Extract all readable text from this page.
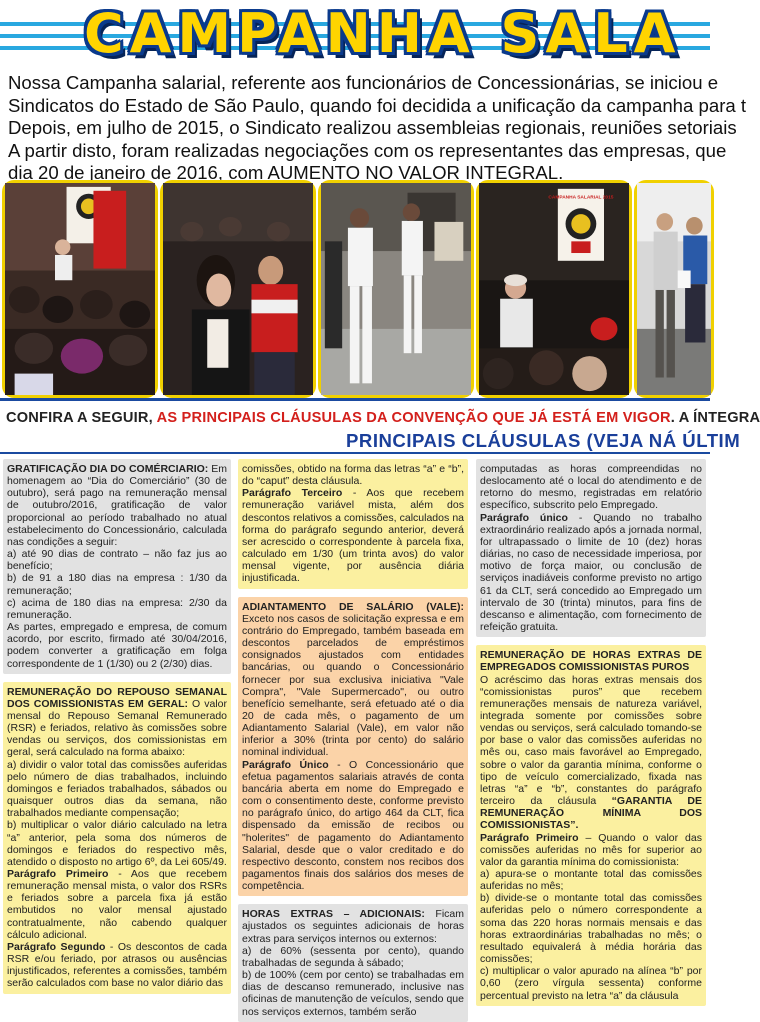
CAMPANHA SALA
Nossa Campanha salarial, referente aos funcionários de Concessionárias, se iniciou e
Sindicatos do Estado de São Paulo, quando foi decidida a unificação da campanha para t
Depois, em julho de 2015, o Sindicato realizou assembleias regionais, reuniões setoriais
A partir disto, foram realizadas negociações com os representantes das empresas, que
dia 20 de janeiro de 2016, com AUMENTO NO VALOR INTEGRAL.
CAMPANHA SALARIAL 2015
CONFIRA A SEGUIR, AS PRINCIPAIS CLÁUSULAS DA CONVENÇÃO QUE JÁ ESTÁ EM VIGOR. A ÍNTEGRA
PRINCIPAIS CLÁUSULAS (VEJA NÁ ÚLTIM

GRATIFICAÇÃO DIA DO COMÉRCIARIO: Em homenagem ao “Dia do Comerciário” (30 de outubro), será pago na remuneração mensal de outubro/2016, gratificação de valor proporcional ao período trabalhado no atual estabelecimento do Concessionário, calculada nas condições a seguir:

a) até 90 dias de contrato – não faz jus ao benefício;

b) de 91 a 180 dias na empresa : 1/30 da remuneração;

c) acima de 180 dias na empresa: 2/30 da remuneração.

As partes, empregado e empresa, de comum acordo, por escrito, firmado até 30/04/2016, podem converter a gratificação em folga correspondente de 1 (1/30) ou 2 (2/30) dias.

REMUNERAÇÃO DO REPOUSO SEMANAL DOS COMISSIONISTAS EM GERAL: O valor mensal do Repouso Semanal Remunerado (RSR) e feriados, relativo às comissões sobre vendas ou serviços, dos comissionistas em geral, será calculado na forma abaixo:

a) dividir o valor total das comissões auferidas pelo número de dias trabalhados, incluindo domingos e feriados trabalhados, sábados ou quaisquer outros dias da semana, não trabalhados mediante compensação;

b) multiplicar o valor diário calculado na letra “a” anterior, pela soma dos números de domingos e feriados do respectivo mês, atendido o disposto no artigo 6º, da Lei 605/49.

Parágrafo Primeiro - Aos que recebem remuneração mensal mista, o valor dos RSRs e feriados sobre a parcela fixa já estão embutidos no valor mensal ajustado contratualmente, não cabendo qualquer cálculo adicional.

Parágrafo Segundo - Os descontos de cada RSR e/ou feriado, por atrasos ou ausências injustificados, referentes a comissões, também serão calculados com base no valor diário das

comissões, obtido na forma das letras “a” e “b”, do “caput” desta cláusula.

Parágrafo Terceiro - Aos que recebem remuneração variável mista, além dos descontos relativos a comissões, calculados na forma do parágrafo segundo anterior, deverá ser acrescido o correspondente à parcela fixa, calculado em 1/30 (um trinta avos) do valor mensal vigente, por ausência diária injustificada.

ADIANTAMENTO DE SALÁRIO (VALE): Exceto nos casos de solicitação expressa e em contrário do Empregado, também baseada em descontos parcelados de empréstimos consignados ajustados com entidades bancárias, ou quando o Concessionário fornecer por sua exclusiva iniciativa "Vale Compra", "Vale Supermercado", ou outro benefício semelhante, será efetuado até o dia 20 de cada mês, o pagamento de um Adiantamento Salarial (Vale), em valor não inferior a 30% (trinta por cento) do salário nominal individual.

Parágrafo Único - O Concessionário que efetua pagamentos salariais através de conta bancária aberta em nome do Empregado e com o consentimento deste, conforme previsto no parágrafo único, do artigo 464 da CLT, fica dispensado da emissão de recibos ou "holerites" de pagamento do Adiantamento Salarial, desde que o valor creditado e do respectivo desconto, constem nos recibos dos pagamentos finais dos salários dos meses de competência.

HORAS EXTRAS – ADICIONAIS: Ficam ajustados os seguintes adicionais de horas extras para serviços internos ou externos:

a) de 60% (sessenta por cento), quando trabalhadas de segunda à sábado;

b) de 100% (cem por cento) se trabalhadas em dias de descanso remunerado, inclusive nas oficinas de manutenção de veículos, sendo que nos serviços externos, também serão

computadas as horas compreendidas no deslocamento até o local do atendimento e de retorno do mesmo, registradas em relatório específico, subscrito pelo Empregado.

Parágrafo único - Quando no trabalho extraordinário realizado após a jornada normal, for ultrapassado o limite de 10 (dez) horas diárias, no caso de necessidade imperiosa, por motivo de força maior, ou conclusão de serviços inadiáveis conforme previsto no artigo 61 da CLT, será concedido ao Empregado um intervalo de 30 (trinta) minutos, para fins de descanso e alimentação, com fornecimento de refeição gratuita.

REMUNERAÇÃO DE HORAS EXTRAS DE EMPREGADOS COMISSIONISTAS PUROS

O acréscimo das horas extras mensais dos “comissionistas puros” que recebem remunerações mensais de natureza variável, integrada somente por comissões sobre vendas ou serviços, será calculado tomando-se por base o valor das comissões auferidas no mês ou, caso mais favorável ao Empregado, sobre o valor da garantia mínima, conforme o tipo de veículo comercializado, fixada nas letras “a” e “b”, constantes do parágrafo terceiro da cláusula “GARANTIA DE REMUNERAÇÃO MÍNIMA DOS COMISSIONISTAS”.

Parágrafo Primeiro – Quando o valor das comissões auferidas no mês for superior ao valor da garantia mínima do comissionista:

a) apura-se o montante total das comissões auferidas no mês;

b) divide-se o montante total das comissões auferidas pelo o número correspondente a soma das 220 horas normais mensais e das horas extraordinárias trabalhadas no mês; o resultado equivalerá à média horária das comissões;

c) multiplicar o valor apurado na alínea “b” por 0,60 (zero vírgula sessenta) conforme percentual previsto na letra “a” da cláusula
